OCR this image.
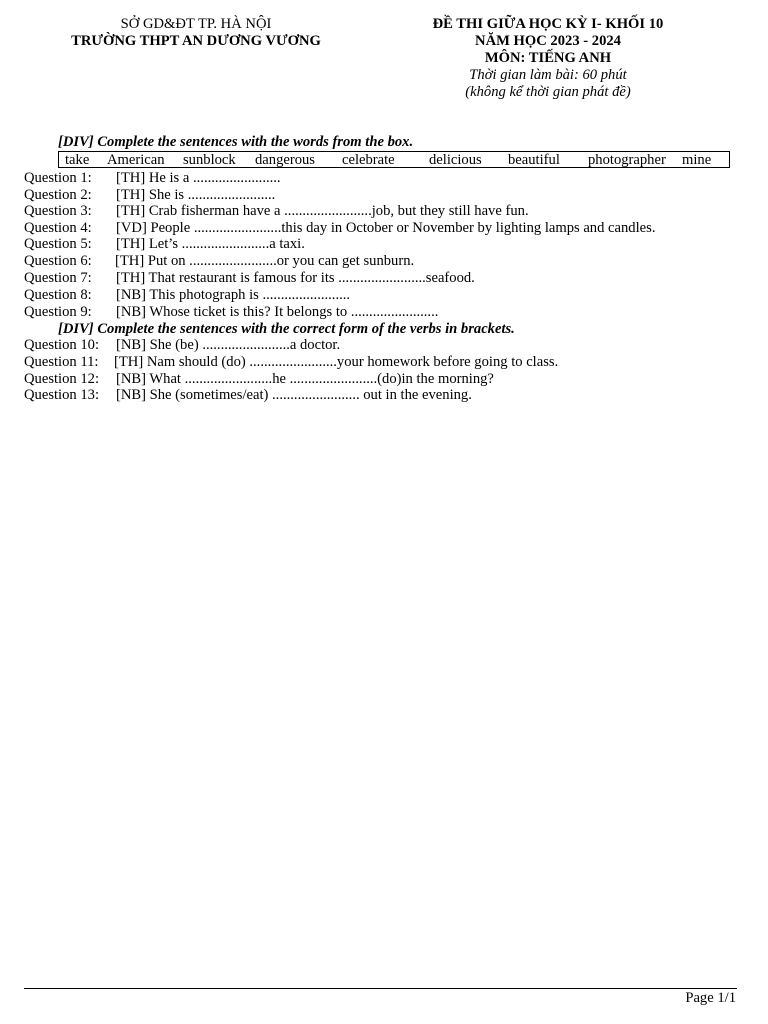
SỞ GD&ĐT TP. HÀ NỘI
TRƯỜNG THPT AN DƯƠNG VƯƠNG
ĐỀ THI GIỮA HỌC KỲ I- KHỐI 10
NĂM HỌC 2023 - 2024
MÔN: TIẾNG ANH
Thời gian làm bài: 60 phút
(không kể thời gian phát đề)
[DIV] Complete the sentences with the words from the box.
take American sunblock dangerous celebrate delicious beautiful photographer mine
Question 1: [TH] He is a ........................
Question 2: [TH] She is ........................
Question 3: [TH] Crab fisherman have a ........................job, but they still have fun.
Question 4: [VD] People ........................this day in October or November by lighting lamps and candles.
Question 5: [TH] Let’s ........................a taxi.
Question 6: [TH] Put on ........................or you can get sunburn.
Question 7: [TH] That restaurant is famous for its ........................seafood.
Question 8: [NB] This photograph is ........................
Question 9: [NB] Whose ticket is this? It belongs to ........................
[DIV] Complete the sentences with the correct form of the verbs in brackets.
Question 10: [NB] She (be) ........................a doctor.
Question 11: [TH] Nam should (do) ........................your homework before going to class.
Question 12: [NB] What ........................he ........................(do)in the morning?
Question 13: [NB] She (sometimes/eat) ........................ out in the evening.
Page 1/1
